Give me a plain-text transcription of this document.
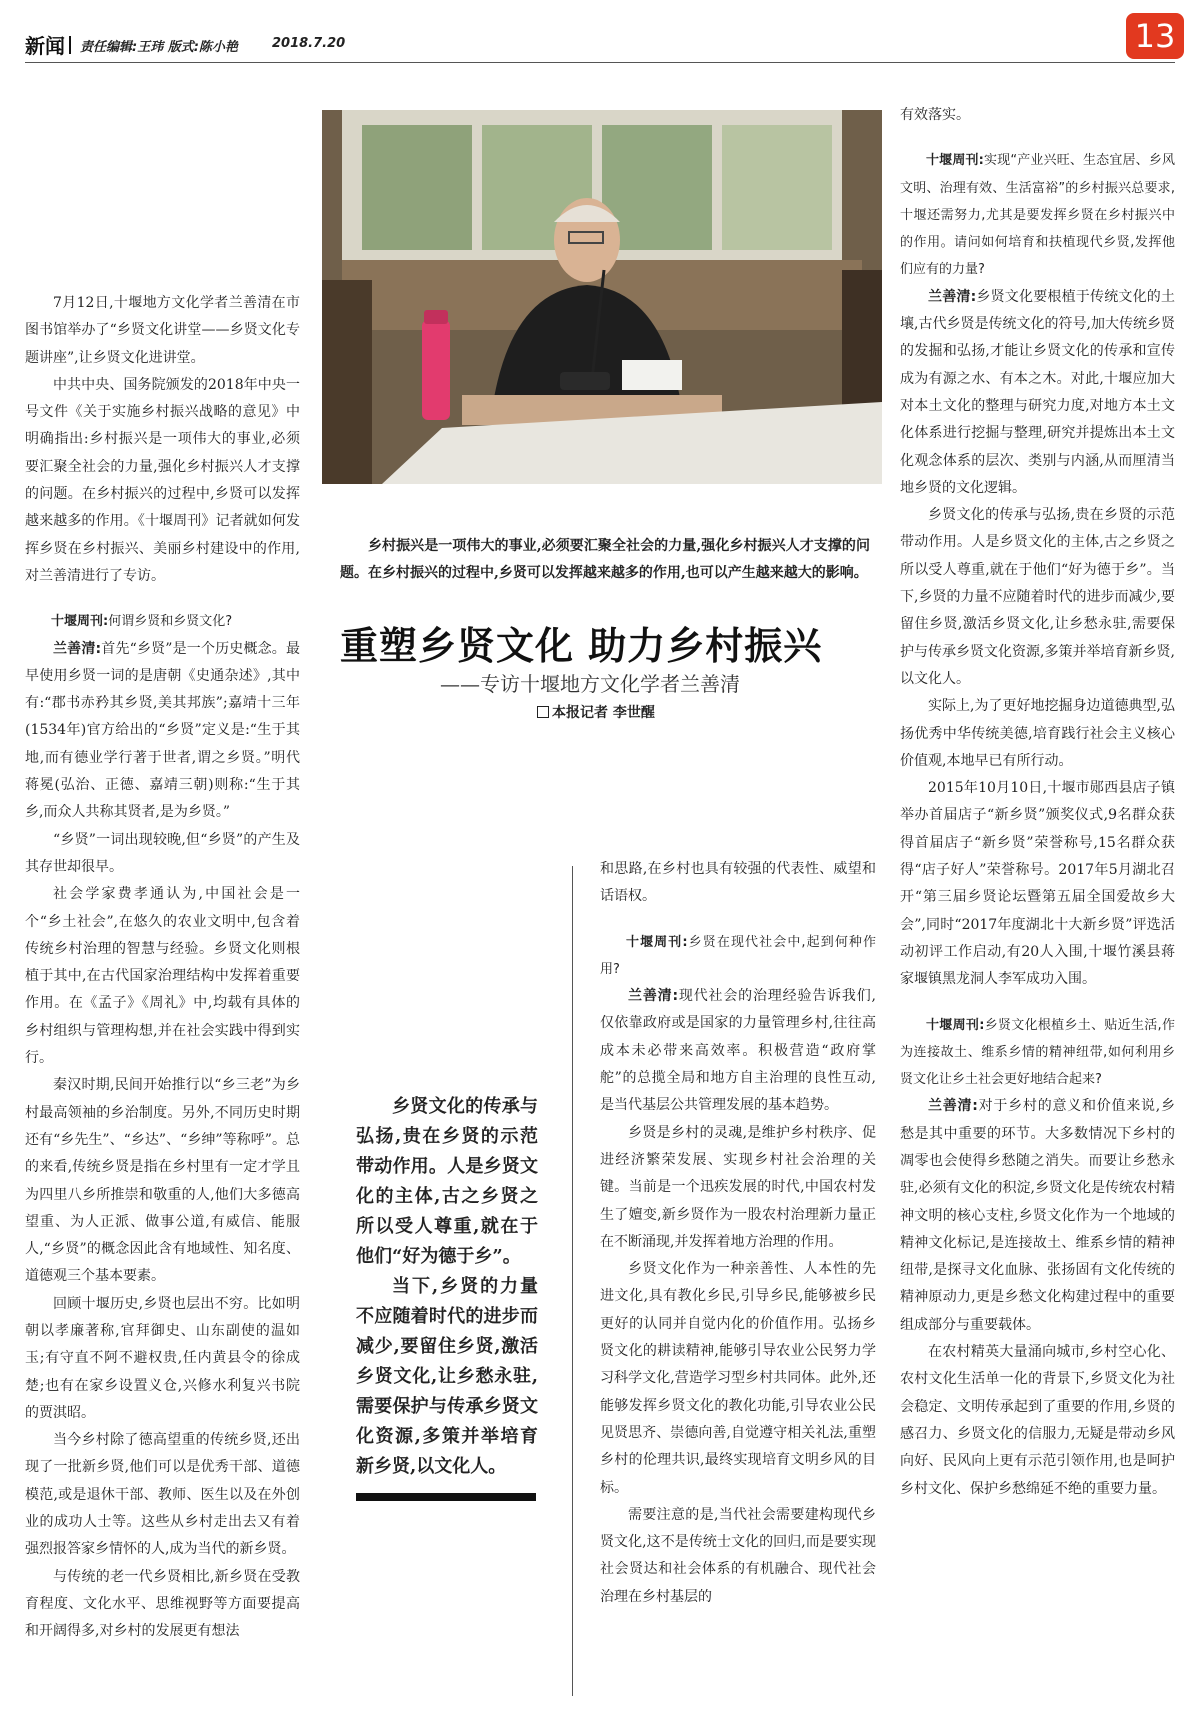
新闻 责任编辑:王玮 版式:陈小艳	2018.7.20	13

7月12日,十堰地方文化学者兰善清在市图书馆举办了“乡贤文化讲堂——乡贤文化专题讲座”,让乡贤文化进讲堂。

中共中央、国务院颁发的2018年中央一号文件《关于实施乡村振兴战略的意见》中明确指出:乡村振兴是一项伟大的事业,必须要汇聚全社会的力量,强化乡村振兴人才支撑的问题。在乡村振兴的过程中,乡贤可以发挥越来越多的作用。《十堰周刊》记者就如何发挥乡贤在乡村振兴、美丽乡村建设中的作用,对兰善清进行了专访。

十堰周刊:何谓乡贤和乡贤文化?

兰善清:首先“乡贤”是一个历史概念。最早使用乡贤一词的是唐朝《史通杂述》,其中有:“郡书赤矜其乡贤,美其邦族”;嘉靖十三年(1534年)官方给出的“乡贤”定义是:“生于其地,而有德业学行著于世者,谓之乡贤。”明代蒋冕(弘治、正德、嘉靖三朝)则称:“生于其乡,而众人共称其贤者,是为乡贤。”

“乡贤”一词出现较晚,但“乡贤”的产生及其存世却很早。

社会学家费孝通认为,中国社会是一个“乡土社会”,在悠久的农业文明中,包含着传统乡村治理的智慧与经验。乡贤文化则根植于其中,在古代国家治理结构中发挥着重要作用。在《孟子》《周礼》中,均载有具体的乡村组织与管理构想,并在社会实践中得到实行。

秦汉时期,民间开始推行以“乡三老”为乡村最高领袖的乡治制度。另外,不同历史时期还有“乡先生”、“乡达”、“乡绅”等称呼”。总的来看,传统乡贤是指在乡村里有一定才学且为四里八乡所推崇和敬重的人,他们大多德高望重、为人正派、做事公道,有威信、能服人,“乡贤”的概念因此含有地域性、知名度、道德观三个基本要素。

回顾十堰历史,乡贤也层出不穷。比如明朝以孝廉著称,官拜御史、山东副使的温如玉;有守直不阿不避权贵,任内黄县令的徐成楚;也有在家乡设置义仓,兴修水利复兴书院的贾淇昭。

当今乡村除了德高望重的传统乡贤,还出现了一批新乡贤,他们可以是优秀干部、道德模范,或是退休干部、教师、医生以及在外创业的成功人士等。这些从乡村走出去又有着强烈报答家乡情怀的人,成为当代的新乡贤。

与传统的老一代乡贤相比,新乡贤在受教育程度、文化水平、思维视野等方面要提高和开阔得多,对乡村的发展更有想法

乡村振兴是一项伟大的事业,必须要汇聚全社会的力量,强化乡村振兴人才支撑的问题。在乡村振兴的过程中,乡贤可以发挥越来越多的作用,也可以产生越来越大的影响。
重塑乡贤文化 助力乡村振兴
——专访十堰地方文化学者兰善清
本报记者 李世醒

乡贤文化的传承与弘扬,贵在乡贤的示范带动作用。人是乡贤文化的主体,古之乡贤之所以受人尊重,就在于他们“好为德于乡”。

当下,乡贤的力量不应随着时代的进步而减少,要留住乡贤,激活乡贤文化,让乡愁永驻,需要保护与传承乡贤文化资源,多策并举培育新乡贤,以文化人。

和思路,在乡村也具有较强的代表性、威望和话语权。

十堰周刊:乡贤在现代社会中,起到何种作用?

兰善清:现代社会的治理经验告诉我们,仅依靠政府或是国家的力量管理乡村,往往高成本未必带来高效率。积极营造“政府掌舵”的总揽全局和地方自主治理的良性互动,是当代基层公共管理发展的基本趋势。

乡贤是乡村的灵魂,是维护乡村秩序、促进经济繁荣发展、实现乡村社会治理的关键。当前是一个迅疾发展的时代,中国农村发生了嬗变,新乡贤作为一股农村治理新力量正在不断涌现,并发挥着地方治理的作用。

乡贤文化作为一种亲善性、人本性的先进文化,具有教化乡民,引导乡民,能够被乡民更好的认同并自觉内化的价值作用。弘扬乡贤文化的耕读精神,能够引导农业公民努力学习科学文化,营造学习型乡村共同体。此外,还能够发挥乡贤文化的教化功能,引导农业公民见贤思齐、崇德向善,自觉遵守相关礼法,重塑乡村的伦理共识,最终实现培育文明乡风的目标。

需要注意的是,当代社会需要建构现代乡贤文化,这不是传统士文化的回归,而是要实现社会贤达和社会体系的有机融合、现代社会治理在乡村基层的

有效落实。

十堰周刊:实现“产业兴旺、生态宜居、乡风文明、治理有效、生活富裕”的乡村振兴总要求,十堰还需努力,尤其是要发挥乡贤在乡村振兴中的作用。请问如何培育和扶植现代乡贤,发挥他们应有的力量?

兰善清:乡贤文化要根植于传统文化的土壤,古代乡贤是传统文化的符号,加大传统乡贤的发掘和弘扬,才能让乡贤文化的传承和宣传成为有源之水、有本之木。对此,十堰应加大对本土文化的整理与研究力度,对地方本土文化体系进行挖掘与整理,研究并提炼出本土文化观念体系的层次、类别与内涵,从而厘清当地乡贤的文化逻辑。

乡贤文化的传承与弘扬,贵在乡贤的示范带动作用。人是乡贤文化的主体,古之乡贤之所以受人尊重,就在于他们“好为德于乡”。当下,乡贤的力量不应随着时代的进步而减少,要留住乡贤,激活乡贤文化,让乡愁永驻,需要保护与传承乡贤文化资源,多策并举培育新乡贤,以文化人。

实际上,为了更好地挖掘身边道德典型,弘扬优秀中华传统美德,培育践行社会主义核心价值观,本地早已有所行动。

2015年10月10日,十堰市郧西县店子镇举办首届店子“新乡贤”颁奖仪式,9名群众获得首届店子“新乡贤”荣誉称号,15名群众获得“店子好人”荣誉称号。2017年5月湖北召开“第三届乡贤论坛暨第五届全国爱故乡大会”,同时“2017年度湖北十大新乡贤”评选活动初评工作启动,有20人入围,十堰竹溪县蒋家堰镇黑龙洞人李军成功入围。

十堰周刊:乡贤文化根植乡土、贴近生活,作为连接故土、维系乡情的精神纽带,如何利用乡贤文化让乡土社会更好地结合起来?

兰善清:对于乡村的意义和价值来说,乡愁是其中重要的环节。大多数情况下乡村的凋零也会使得乡愁随之消失。而要让乡愁永驻,必须有文化的积淀,乡贤文化是传统农村精神文明的核心支柱,乡贤文化作为一个地域的精神文化标记,是连接故土、维系乡情的精神纽带,是探寻文化血脉、张扬固有文化传统的精神原动力,更是乡愁文化构建过程中的重要组成部分与重要载体。

在农村精英大量涌向城市,乡村空心化、农村文化生活单一化的背景下,乡贤文化为社会稳定、文明传承起到了重要的作用,乡贤的感召力、乡贤文化的信服力,无疑是带动乡风向好、民风向上更有示范引领作用,也是呵护乡村文化、保护乡愁绵延不绝的重要力量。
